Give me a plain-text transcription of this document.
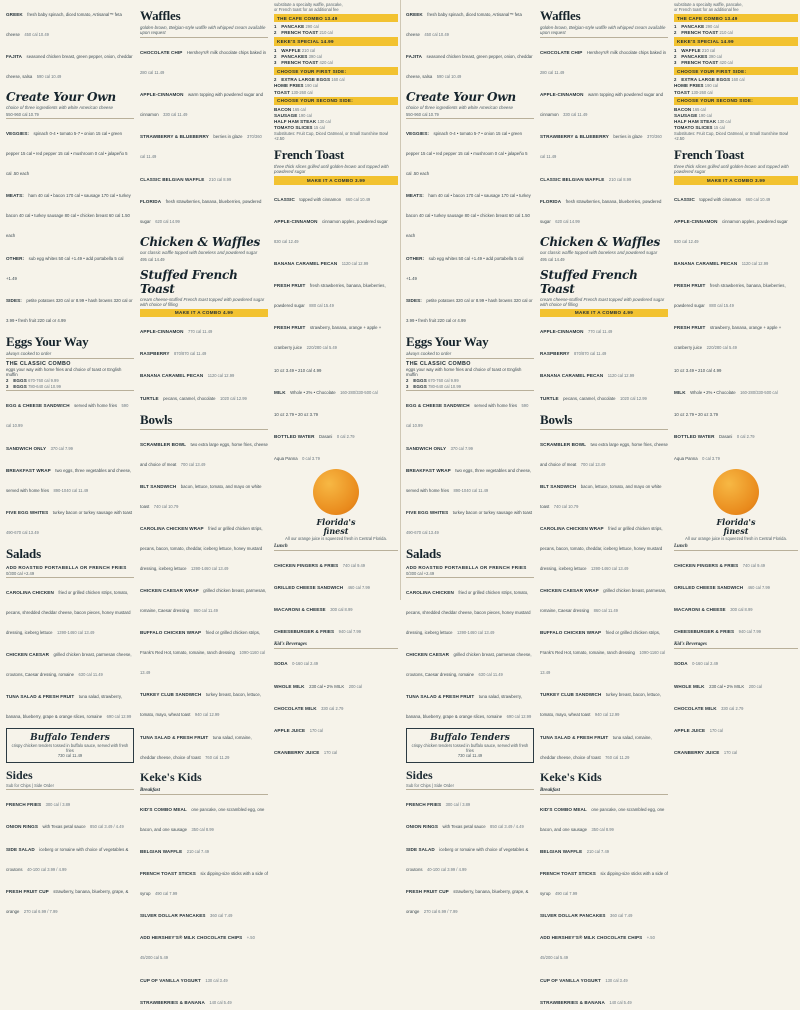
GREEK fresh baby spinach, diced tomato, Artisanal™ feta cheese 450 cal 10.49
FAJITA seasoned chicken breast, green pepper, onion, cheddar cheese, salsa 590 cal 10.49
Create Your Own
choice of three ingredients with white American cheese
550-960 cal 10.79
VEGGIES: spinach 0-4 • tomato 5-7 • onion 15 cal • green pepper 15 cal • red pepper 15 cal • mushroom 0 cal • jalapeño 5 cal .50 each
MEATS: ham 40 cal • bacon 170 cal • sausage 170 cal • turkey bacon 40 cal • turkey sausage 80 cal • chicken breast 60 cal 1.50 each
OTHER: sub egg whites 50 cal +1.49 • add portabella 5 cal +1.49
SIDES: petite potatoes 320 cal or 8.99 • hash browns 320 cal or 3.99 • fresh fruit 220 cal or 4.99
Eggs Your Way
always cooked to order
THE CLASSIC COMBO
eggs your way with home fries and choice of toast or English muffin
2 EGGS 670-760 cal 9.99
3 EGGS 780-640 cal 10.99
EGG & CHEESE SANDWICH served with home fries 590 cal 10.99
SANDWICH ONLY 370 cal 7.99
BREAKFAST WRAP two eggs, three vegetables and cheese, served with home fries 890-1040 cal 11.49
FIVE EGG WHITES turkey bacon or turkey sausage with toast 490-670 cal 13.49
Salads
ADD ROASTED PORTABELLA OR FRENCH FRIES
0/300 cal +2.49
CAROLINA CHICKEN fried or grilled chicken strips, tomato, pecans, shredded cheddar cheese, bacon pieces, honey mustard dressing, iceberg lettuce 1390-1460 cal 13.49
CHICKEN CAESAR grilled chicken breast, parmesan cheese, croutons, Caesar dressing, romaine 630 cal 11.49
TUNA SALAD & FRESH FRUIT tuna salad, strawberry, banana, blueberry, grape & orange slices, romaine 690 cal 12.99
Buffalo Tenders
crispy chicken tenders tossed in buffalo sauce, served with fresh fries
730 cal 11.49
Sides
Sub for Chips | Side Order
FRENCH FRIES 300 cal / 3.89
ONION RINGS with Texas petal sauce 850 cal 3.49 / 4.49
SIDE SALAD iceberg or romaine with choice of vegetables & croutons 40-100 cal 3.99 / 4.99
FRESH FRUIT CUP strawberry, banana, blueberry, grape, & orange 270 cal 6.99 / 7.99
Waffles
golden-brown, Belgian-style waffle with whipped cream available upon request
CHOCOLATE CHIP Hershey's® milk chocolate chips baked in 280 cal 11.49
APPLE-CINNAMON warm topping with powdered sugar and cinnamon 330 cal 11.49
STRAWBERRY & BLUEBERRY berries in glaze 370/360 cal 11.49
CLASSIC BELGIAN WAFFLE 210 cal 8.99
FLORIDA fresh strawberries, banana, blueberries, powdered sugar 620 cal 14.99
Chicken & Waffles
our classic waffle topped with boneless and powdered sugar
495 cal 14.49
Stuffed French Toast
cream cheese-stuffed French toast topped with powdered sugar with choice of filling
MAKE IT A COMBO 4.99
APPLE-CINNAMON 770 cal 11.49
RASPBERRY 870/870 cal 11.49
BANANA CARAMEL PECAN 1120 cal 12.99
TURTLE pecans, caramel, chocolate 1020 cal 12.99
Bowls
SCRAMBLER BOWL two extra large eggs, home fries, cheese and choice of meat 700 cal 13.49
BLT SANDWICH bacon, lettuce, tomato, and mayo on white toast 740 cal 10.79
CAROLINA CHICKEN WRAP fried or grilled chicken strips, pecans, bacon, tomato, cheddar, iceberg lettuce, honey mustard dressing, iceberg lettuce 1390-1460 cal 13.49
CHICKEN CAESAR WRAP grilled chicken breast, parmesan, romaine, Caesar dressing 860 cal 11.49
BUFFALO CHICKEN WRAP fried or grilled chicken strips, Frank's Red Hot, tomato, romaine, ranch dressing 1090-1160 cal 13.49
TURKEY CLUB SANDWICH turkey breast, bacon, lettuce, tomato, mayo, wheat toast 940 cal 12.99
TUNA SALAD & FRESH FRUIT tuna salad, romaine, cheddar cheese, choice of toast 760 cal 11.29
Keke's Kids
Breakfast
KID'S COMBO MEAL one pancake, one scrambled egg, one bacon, and one sausage 350 cal 8.99
BELGIAN WAFFLE 210 cal 7.49
FRENCH TOAST STICKS six dipping-size sticks with a side of syrup 490 cal 7.99
SILVER DOLLAR PANCAKES 360 cal 7.49
ADD HERSHEY'S® MILK CHOCOLATE CHIPS +.50 45/200 cal 5.49
CUP OF VANILLA YOGURT 130 cal 3.49
STRAWBERRIES & BANANA 140 cal 5.49
substitute a specialty waffle, pancake,
or French toast for an additional fee
THE CAFE COMBO 13.49
1 PANCAKE 290 cal
2 FRENCH TOAST 210 cal
KEKE'S SPECIAL 14.99
1 WAFFLE 210 cal
2 PANCAKES 390 cal
3 FRENCH TOAST 420 cal
CHOOSE YOUR FIRST SIDE:
2 EXTRA LARGE EGGS 160 cal
HOME FRIES 190 cal
TOAST 130-260 cal
CHOOSE YOUR SECOND SIDE:
BACON 165 cal
SAUSAGE 190 cal
HALF HAM STEAK 130 cal
TOMATO SLICES 15 cal
Substitutes: Fruit Cup, Diced Oatmeal, or Small Sunshine Bowl +2.50
French Toast
three thick slices grilled until golden-brown and topped with powdered sugar
MAKE IT A COMBO 3.99
CLASSIC topped with cinnamon 660 cal 10.49
APPLE-CINNAMON cinnamon apples, powdered sugar 830 cal 12.49
BANANA CARAMEL PECAN 1120 cal 12.99
FRESH FRUIT fresh strawberries, banana, blueberries, powdered sugar 880 cal 15.49
FRESH FRUIT strawberry, banana, orange + apple + cranberry juice 220/280 cal 5.49
10 oz 3.49 • 210 cal 4.99
MILK Whole • 2% • Chocolate 160-280/330-500 cal
10 oz 2.79 • 20 oz 3.79
BOTTLED WATER Dasani 0 cal 2.79
Aqua Panna 0 cal 3.79
Florida's
finest
All our orange juice is squeezed fresh in Central Florida.
Lunch
CHICKEN FINGERS & FRIES 740 cal 9.49
GRILLED CHEESE SANDWICH 460 cal 7.99
MACARONI & CHEESE 300 cal 8.99
CHEESEBURGER & FRIES 940 cal 7.99
Kid's Beverages
SODA 0-160 cal 2.49
WHOLE MILK 230 cal • 2% MILK 200 cal
CHOCOLATE MILK 330 cal 2.79
APPLE JUICE 170 cal
CRANBERRY JUICE 170 cal
GREEK fresh baby spinach, diced tomato, Artisanal™ feta cheese 450 cal 10.49
FAJITA seasoned chicken breast, green pepper, onion, cheddar cheese, salsa 590 cal 10.49
Create Your Own
choice of three ingredients with white American cheese
550-960 cal 10.79
VEGGIES: spinach 0-4 • tomato 5-7 • onion 15 cal • green pepper 15 cal • red pepper 15 cal • mushroom 0 cal • jalapeño 5 cal .50 each
MEATS: ham 40 cal • bacon 170 cal • sausage 170 cal • turkey bacon 40 cal • turkey sausage 80 cal • chicken breast 60 cal 1.50 each
OTHER: sub egg whites 50 cal +1.49 • add portabella 5 cal +1.49
SIDES: petite potatoes 320 cal or 8.99 • hash browns 320 cal or 3.99 • fresh fruit 220 cal or 4.99
Eggs Your Way
always cooked to order
THE CLASSIC COMBO
eggs your way with home fries and choice of toast or English muffin
2 EGGS 670-760 cal 9.99
3 EGGS 780-640 cal 10.99
EGG & CHEESE SANDWICH served with home fries 590 cal 10.99
SANDWICH ONLY 370 cal 7.99
BREAKFAST WRAP two eggs, three vegetables and cheese, served with home fries 890-1040 cal 11.49
FIVE EGG WHITES turkey bacon or turkey sausage with toast 490-670 cal 13.49
Salads
ADD ROASTED PORTABELLA OR FRENCH FRIES
0/300 cal +2.49
CAROLINA CHICKEN fried or grilled chicken strips, tomato, pecans, shredded cheddar cheese, bacon pieces, honey mustard dressing, iceberg lettuce 1390-1460 cal 13.49
CHICKEN CAESAR grilled chicken breast, parmesan cheese, croutons, Caesar dressing, romaine 630 cal 11.49
TUNA SALAD & FRESH FRUIT tuna salad, strawberry, banana, blueberry, grape & orange slices, romaine 690 cal 12.99
Buffalo Tenders
crispy chicken tenders tossed in buffalo sauce, served with fresh fries
730 cal 11.49
Sides
Sub for Chips | Side Order
FRENCH FRIES 300 cal / 3.89
ONION RINGS with Texas petal sauce 850 cal 3.49 / 4.49
SIDE SALAD iceberg or romaine with choice of vegetables & croutons 40-100 cal 3.99 / 4.99
FRESH FRUIT CUP strawberry, banana, blueberry, grape, & orange 270 cal 6.99 / 7.99
Waffles
golden-brown, Belgian-style waffle with whipped cream available upon request
CHOCOLATE CHIP Hershey's® milk chocolate chips baked in 280 cal 11.49
APPLE-CINNAMON warm topping with powdered sugar and cinnamon 330 cal 11.49
STRAWBERRY & BLUEBERRY berries in glaze 370/360 cal 11.49
CLASSIC BELGIAN WAFFLE 210 cal 8.99
FLORIDA fresh strawberries, banana, blueberries, powdered sugar 620 cal 14.99
Chicken & Waffles
our classic waffle topped with boneless and powdered sugar
495 cal 14.49
Stuffed French Toast
cream cheese-stuffed French toast topped with powdered sugar with choice of filling
MAKE IT A COMBO 4.99
APPLE-CINNAMON 770 cal 11.49
RASPBERRY 870/870 cal 11.49
BANANA CARAMEL PECAN 1120 cal 12.99
TURTLE pecans, caramel, chocolate 1020 cal 12.99
Bowls
SCRAMBLER BOWL two extra large eggs, home fries, cheese and choice of meat 700 cal 13.49
BLT SANDWICH bacon, lettuce, tomato, and mayo on white toast 740 cal 10.79
CAROLINA CHICKEN WRAP fried or grilled chicken strips, pecans, bacon, tomato, cheddar, iceberg lettuce, honey mustard dressing, iceberg lettuce 1390-1460 cal 13.49
CHICKEN CAESAR WRAP grilled chicken breast, parmesan, romaine, Caesar dressing 860 cal 11.49
BUFFALO CHICKEN WRAP fried or grilled chicken strips, Frank's Red Hot, tomato, romaine, ranch dressing 1090-1160 cal 13.49
TURKEY CLUB SANDWICH turkey breast, bacon, lettuce, tomato, mayo, wheat toast 940 cal 12.99
TUNA SALAD & FRESH FRUIT tuna salad, romaine, cheddar cheese, choice of toast 760 cal 11.29
Keke's Kids
Breakfast
KID'S COMBO MEAL one pancake, one scrambled egg, one bacon, and one sausage 350 cal 8.99
BELGIAN WAFFLE 210 cal 7.49
FRENCH TOAST STICKS six dipping-size sticks with a side of syrup 490 cal 7.99
SILVER DOLLAR PANCAKES 360 cal 7.49
ADD HERSHEY'S® MILK CHOCOLATE CHIPS +.50 45/200 cal 5.49
CUP OF VANILLA YOGURT 130 cal 3.49
STRAWBERRIES & BANANA 140 cal 5.49
substitute a specialty waffle, pancake,
or French toast for an additional fee
THE CAFE COMBO 13.49
1 PANCAKE 290 cal
2 FRENCH TOAST 210 cal
KEKE'S SPECIAL 14.99
1 WAFFLE 210 cal
2 PANCAKES 390 cal
3 FRENCH TOAST 420 cal
CHOOSE YOUR FIRST SIDE:
2 EXTRA LARGE EGGS 160 cal
HOME FRIES 190 cal
TOAST 130-260 cal
CHOOSE YOUR SECOND SIDE:
BACON 165 cal
SAUSAGE 190 cal
HALF HAM STEAK 130 cal
TOMATO SLICES 15 cal
Substitutes: Fruit Cup, Diced Oatmeal, or Small Sunshine Bowl +2.50
French Toast
three thick slices grilled until golden-brown and topped with powdered sugar
MAKE IT A COMBO 3.99
CLASSIC topped with cinnamon 660 cal 10.49
APPLE-CINNAMON cinnamon apples, powdered sugar 830 cal 12.49
BANANA CARAMEL PECAN 1120 cal 12.99
FRESH FRUIT fresh strawberries, banana, blueberries, powdered sugar 880 cal 15.49
FRESH FRUIT strawberry, banana, orange + apple + cranberry juice 220/280 cal 5.49
10 oz 3.49 • 210 cal 4.99
MILK Whole • 2% • Chocolate 160-280/330-500 cal
10 oz 2.79 • 20 oz 3.79
BOTTLED WATER Dasani 0 cal 2.79
Aqua Panna 0 cal 3.79
Florida's
finest
All our orange juice is squeezed fresh in Central Florida.
Lunch
CHICKEN FINGERS & FRIES 740 cal 9.49
GRILLED CHEESE SANDWICH 460 cal 7.99
MACARONI & CHEESE 300 cal 8.99
CHEESEBURGER & FRIES 940 cal 7.99
Kid's Beverages
SODA 0-160 cal 2.49
WHOLE MILK 230 cal • 2% MILK 200 cal
CHOCOLATE MILK 330 cal 2.79
APPLE JUICE 170 cal
CRANBERRY JUICE 170 cal
